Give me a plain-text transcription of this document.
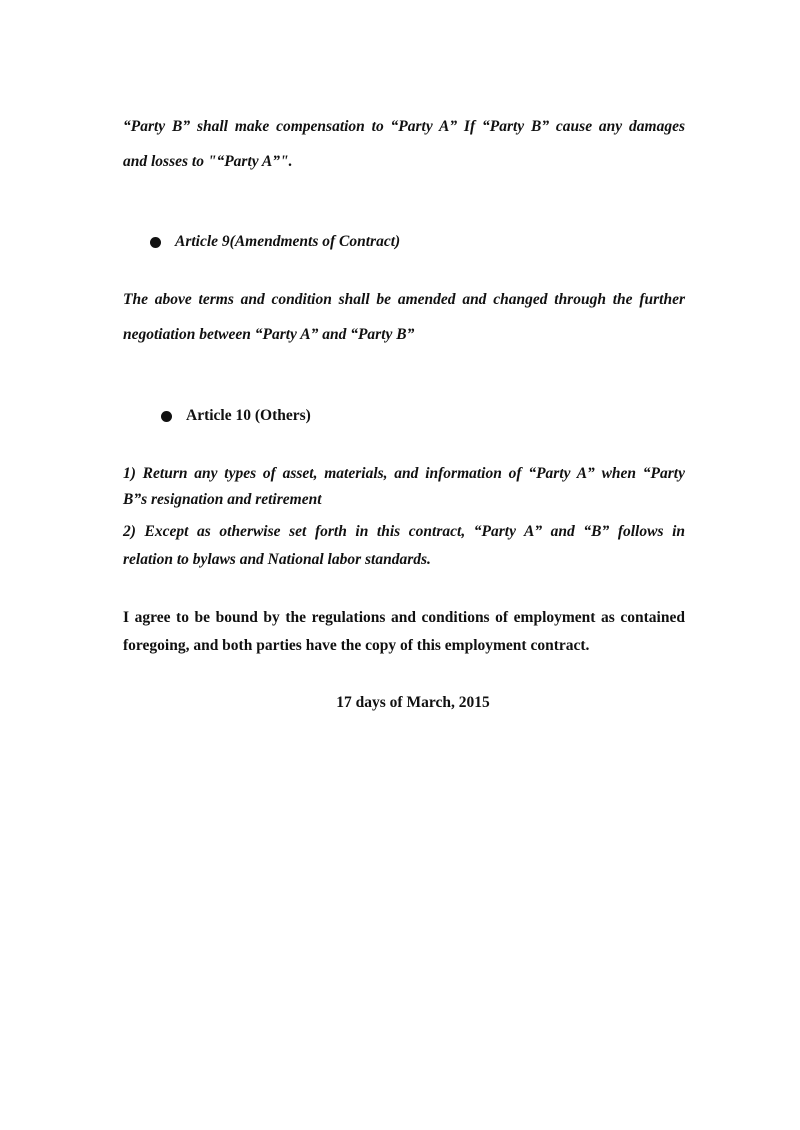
“Party B” shall make compensation to “Party A” If “Party B” cause any damages
and losses to "“Party A”".
Article 9(Amendments of Contract)
The above terms and condition shall be amended and changed through the further
negotiation between “Party A” and “Party B”
Article 10 (Others)
1) Return any types of asset, materials, and information of “Party A” when “Party
B”s resignation and retirement
2) Except as otherwise set forth in this contract, “Party A” and “B” follows in
relation to bylaws and National labor standards.
I agree to be bound by the regulations and conditions of employment as contained
foregoing, and both parties have the copy of this employment contract.
17 days of March, 2015
